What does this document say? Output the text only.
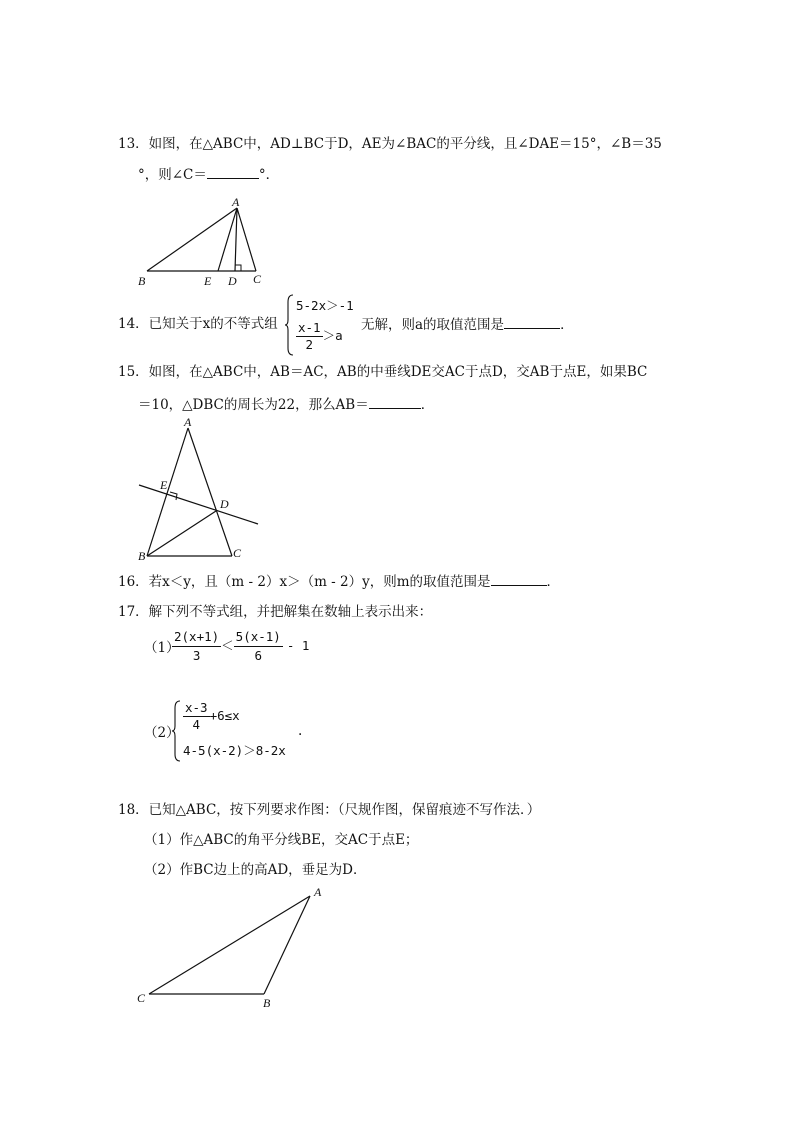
13．如图，在△ABC中，AD⊥BC于D，AE为∠BAC的平分线，且∠DAE＝15°，∠B＝35
°，则∠C＝	°．
A
B	E D C
14．已知关于x的不等式组
5-2x＞-1
$\frac{x-1}{2} >a$
无解，则a的取值范围是	．
15．如图，在△ABC中，AB＝AC，AB的中垂线DE交AC于点D，交AB于点E，如果BC
＝10，△DBC的周长为22，那么AB＝	．
A
E
D
B	C
16．若x＜y，且（m - 2）x＞（m - 2）y，则m的取值范围是	．
17．解下列不等式组，并把解集在数轴上表示出来：
（1）
$\frac{2(x+1)}{3} < \frac{5(x-1)}{6} - 1$
$(2) \frac{x-3}{4} +6\le x$
4-5(x-2)＞8-2x
.
18．已知△ABC，按下列要求作图：（尺规作图，保留痕迹不写作法．）
（1）作△ABC的角平分线BE，交AC于点E；
（2）作BC边上的高AD，垂足为D．
A
C	B
